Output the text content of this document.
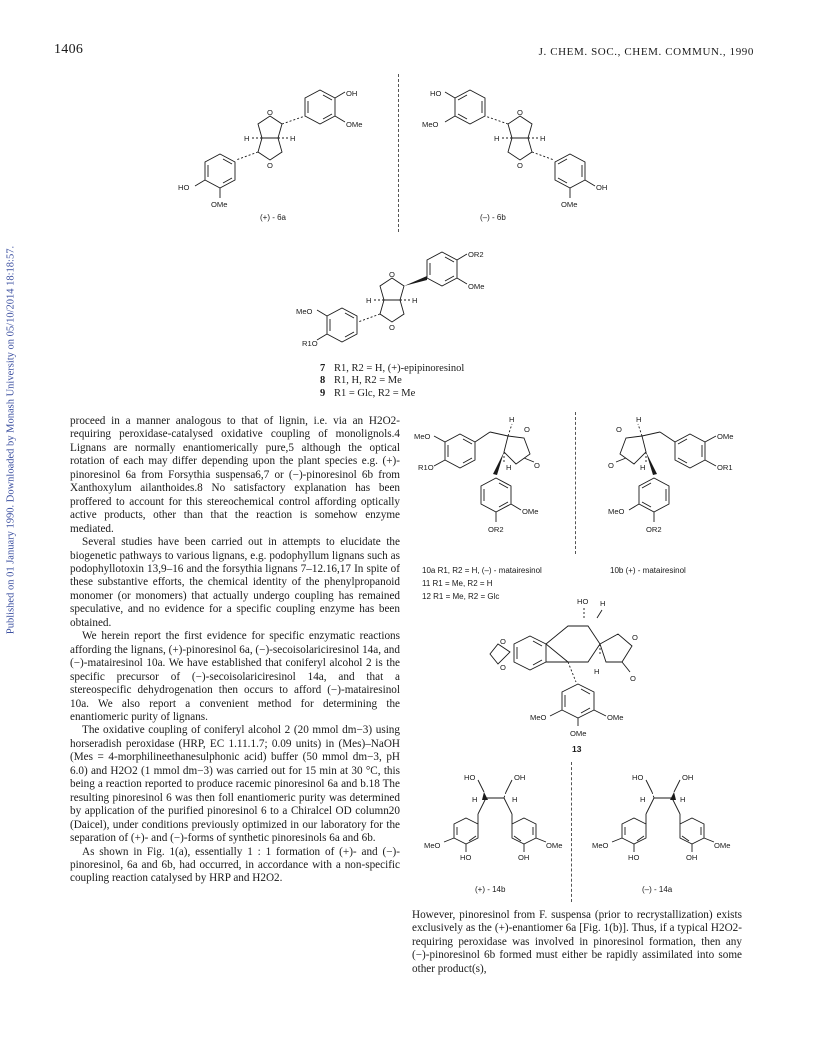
1406	J. CHEM. SOC., CHEM. COMMUN., 1990
Published on 01 January 1990. Downloaded by Monash University on 05/10/2014 18:18:57.
OH
OMe
O
O
H	H
HO
OMe
(+) - 6a
HO
MeO
O
O
H	H
OH
OMe
(–) - 6b
OR2
OMe
O
O
H	H
MeO
R1O
7 R1, R2 = H, (+)-epipinoresinol
8 R1, H, R2 = Me
9 R1 = Glc, R2 = Me

proceed in a manner analogous to that of lignin, i.e. via an H2O2-requiring peroxidase-catalysed oxidative coupling of monolignols.4 Lignans are normally enantiomerically pure,5 although the optical rotation of each may differ depending upon the plant species e.g. (+)-pinoresinol 6a from Forsythia suspensa6,7 or (−)-pinoresinol 6b from Xanthoxylum ailanthoides.8 No satisfactory explanation has been proffered to account for this stereochemical control affording optically active products, other than that the reaction is somehow enzyme mediated.

Several studies have been carried out in attempts to elucidate the biogenetic pathways to various lignans, e.g. podophyllum lignans such as podophyllotoxin 13,9–16 and the forsythia lignans 7–12.16,17 In spite of these substantive efforts, the chemical identity of the phenylpropanoid monomer (or monomers) that actually undergo coupling has remained speculative, and no evidence for a specific coupling enzyme has been obtained.

We herein report the first evidence for specific enzymatic reactions affording the lignans, (+)-pinoresinol 6a, (−)-secoisolariciresinol 14a, and (−)-matairesinol 10a. We have established that coniferyl alcohol 2 is the specific precursor of (−)-secoisolariciresinol 14a, and that a stereospecific dehydrogenation then occurs to afford (−)-matairesinol 10a. We also report a convenient method for determining the enantiomeric purity of lignans.

The oxidative coupling of coniferyl alcohol 2 (20 mmol dm−3) using horseradish peroxidase (HRP, EC 1.11.1.7; 0.09 units) in (Mes)–NaOH (Mes = 4-morphilineethanesulphonic acid) buffer (50 mmol dm−3, pH 6.0) and H2O2 (1 mmol dm−3) was carried out for 15 min at 30 °C, this being a reaction reported to produce racemic pinoresinol 6a and b.18 The resulting pinoresinol 6 was then foll enantiomeric purity was determined by application of the purified pinoresinol 6 to a Chiralcel OD column20 (Daicel), under conditions previously optimized in our laboratory for the separation of (+)- and (−)-forms of synthetic pinoresinols 6a and 6b.

As shown in Fig. 1(a), essentially 1 : 1 formation of (+)- and (−)-pinoresinol, 6a and 6b, had occurred, in accordance with a non-specific coupling reaction catalysed by HRP and H2O2.

MeO
R1O
O
O
H
H
OMe
OR2
OMe
OR1
O
O
H
H
MeO
OR2
10a R1, R2 = H, (–) - matairesinol	10b (+) - matairesinol
11 R1 = Me, R2 = H
12 R1 = Me, R2 = Glc
HO H
O
O
O
O
H
MeO	OMe
OMe
13
HO	OH
H	H
MeO
HO	OH
OMe
HO	OH
H	H
MeO
HO	OH
OMe
(+) - 14b	(–) - 14a

However, pinoresinol from F. suspensa (prior to recrystallization) exists exclusively as the (+)-enantiomer 6a [Fig. 1(b)]. Thus, if a typical H2O2-requiring peroxidase was involved in pinoresinol formation, then any (−)-pinoresinol 6b formed must either be rapidly assimilated into some other product(s),
